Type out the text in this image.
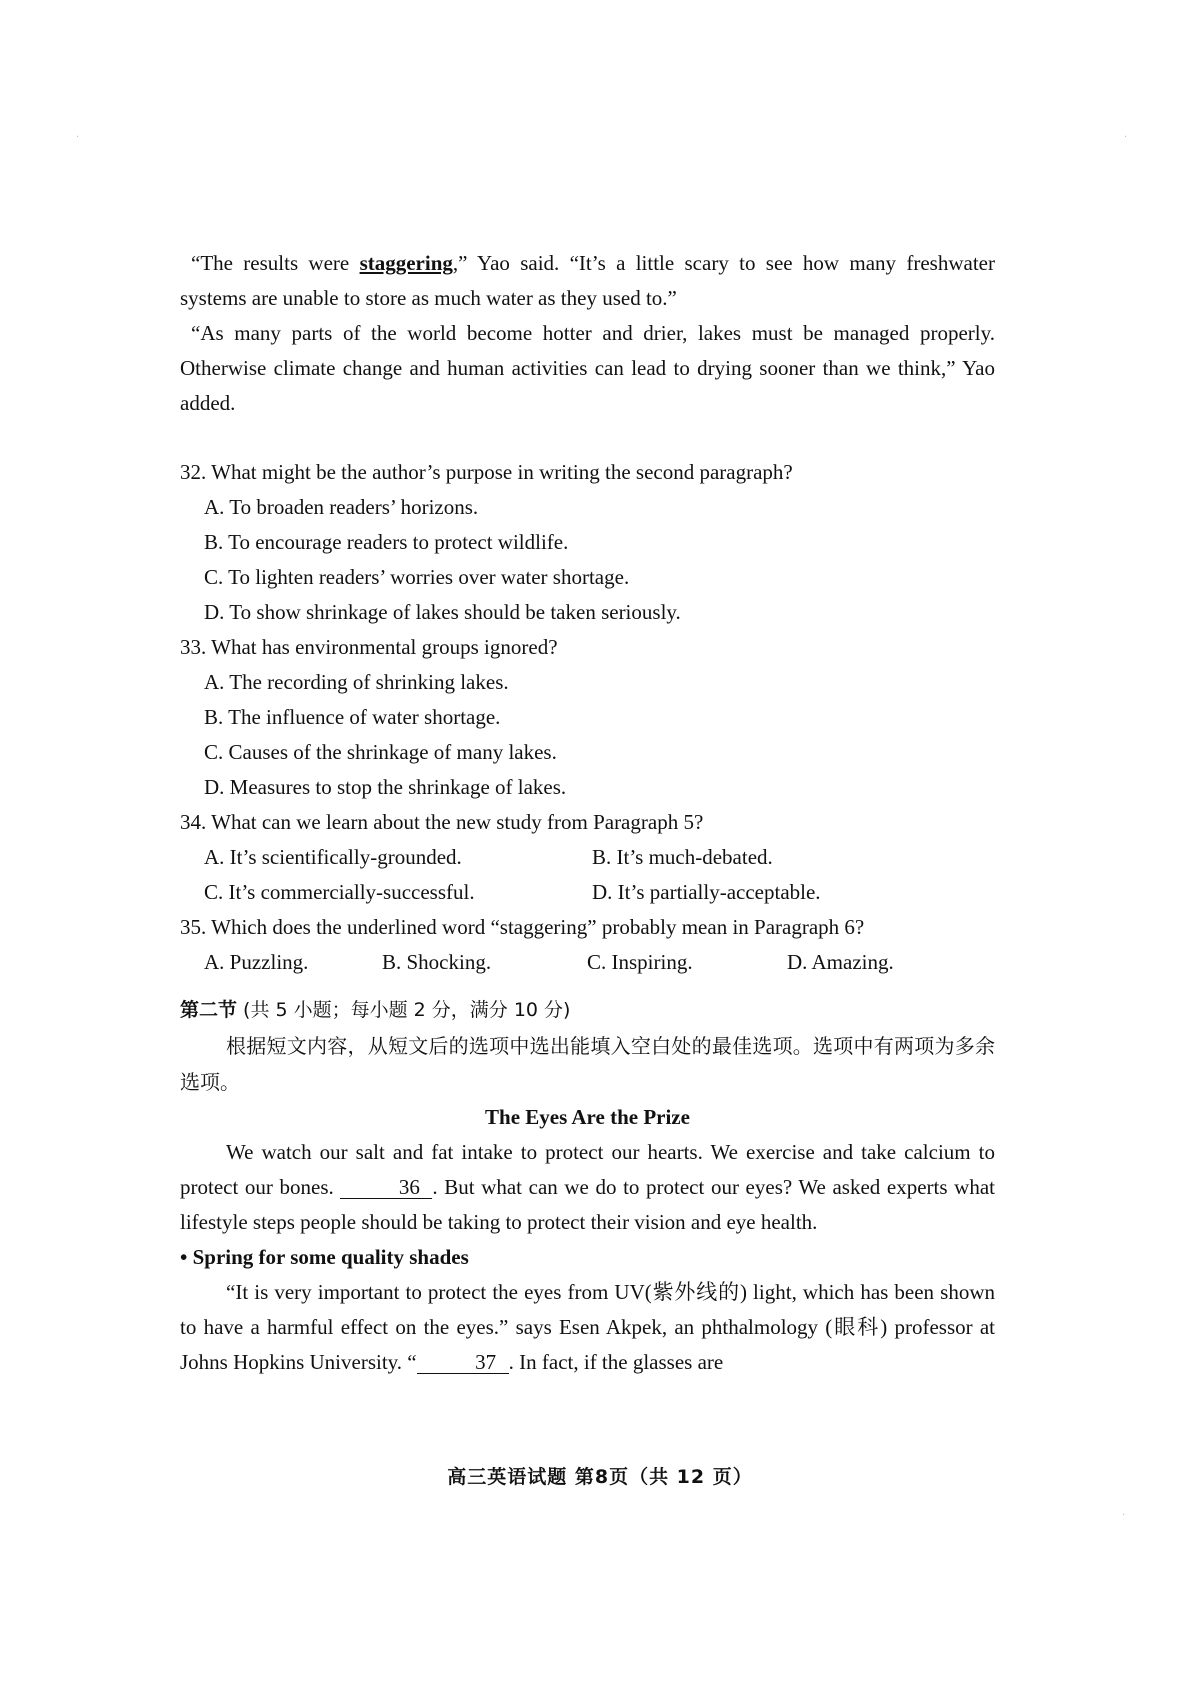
·	·
·

“The results were staggering,” Yao said. “It’s a little scary to see how many freshwater systems are unable to store as much water as they used to.”

“As many parts of the world become hotter and drier, lakes must be managed properly. Otherwise climate change and human activities can lead to drying sooner than we think,” Yao added.

32. What might be the author’s purpose in writing the second paragraph?

A. To broaden readers’ horizons.

B. To encourage readers to protect wildlife.

C. To lighten readers’ worries over water shortage.

D. To show shrinkage of lakes should be taken seriously.

33. What has environmental groups ignored?

A. The recording of shrinking lakes.

B. The influence of water shortage.

C. Causes of the shrinkage of many lakes.

D. Measures to stop the shrinkage of lakes.

34. What can we learn about the new study from Paragraph 5?

A. It’s scientifically-grounded.	B. It’s much-debated.
C. It’s commercially-successful.	D. It’s partially-acceptable.

35. Which does the underlined word “staggering” probably mean in Paragraph 6?

A. Puzzling.	B. Shocking.	C. Inspiring.	D. Amazing.
第二节 (共 5 小题；每小题 2 分，满分 10 分)

根据短文内容，从短文后的选项中选出能填入空白处的最佳选项。选项中有两项为多余选项。

The Eyes Are the Prize

We watch our salt and fat intake to protect our hearts. We exercise and take calcium to protect our bones.	36 . But what can we do to protect our eyes? We asked experts what lifestyle steps people should be taking to protect their vision and eye health.

• Spring for some quality shades

“It is very important to protect the eyes from UV(紫外线的) light, which has been shown to have a harmful effect on the eyes.” says Esen Akpek, an phthalmology (眼科) professor at Johns Hopkins University. “	37 . In fact, if the glasses are

高三英语试题 第8页（共 12 页）
